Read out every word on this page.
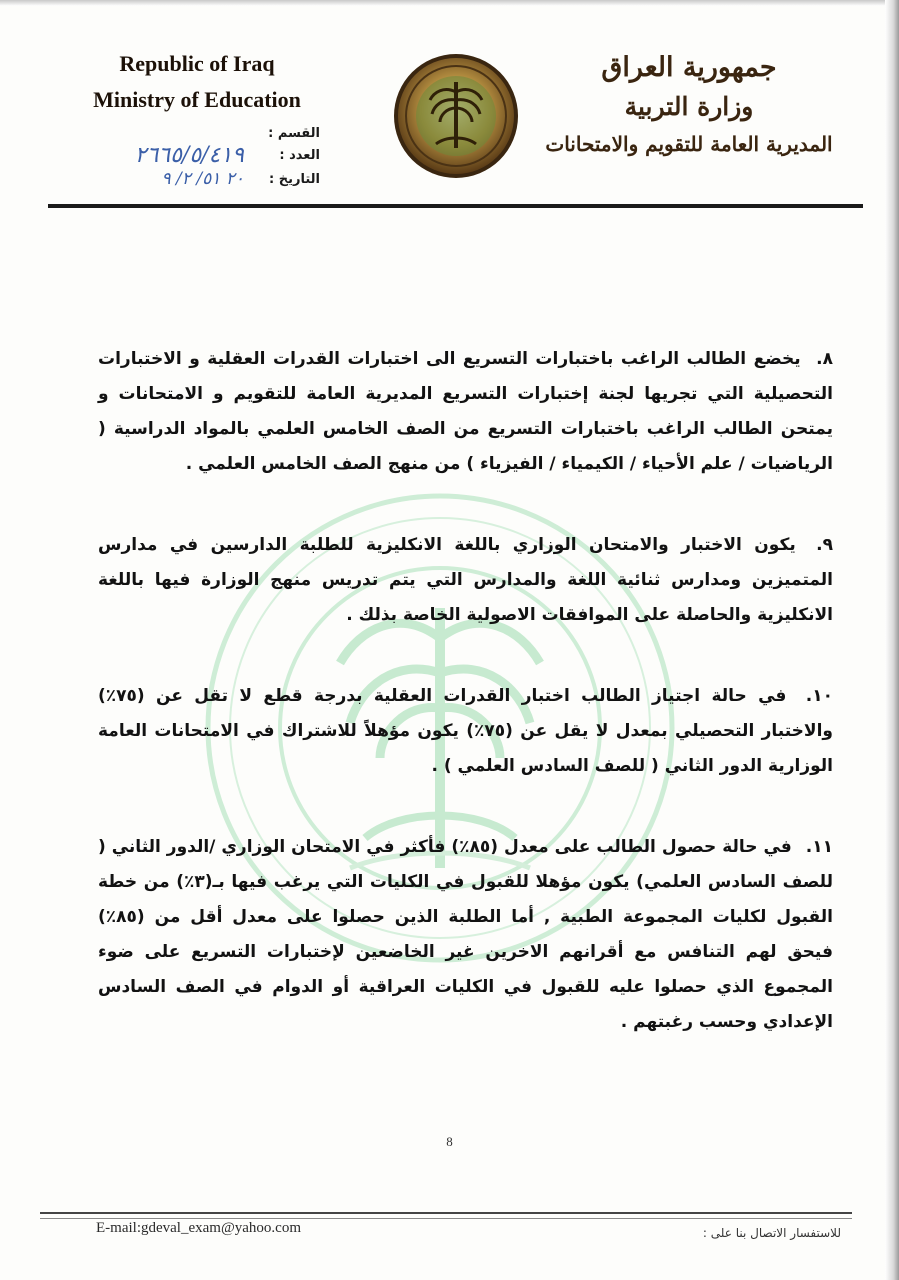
Republic of Iraq
Ministry of Education
جمهورية العراق
وزارة التربية
المديرية العامة للتقويم والامتحانات
القسم :
٢٦٦٥/٥/٤١٩	العدد :
٢٠ ٥١/ ٢/ ٩	التاريخ :

٨. يخضع الطالب الراغب باختبارات التسريع الى اختبارات القدرات العقلية و الاختبارات التحصيلية التي تجريها لجنة إختبارات التسريع المديرية العامة للتقويم و الامتحانات و يمتحن الطالب الراغب باختبارات التسريع من الصف الخامس العلمي بالمواد الدراسية ( الرياضيات / علم الأحياء / الكيمياء / الفيزياء ) من منهج الصف الخامس العلمي .

٩. يكون الاختبار والامتحان الوزاري باللغة الانكليزية للطلبة الدارسين في مدارس المتميزين ومدارس ثنائية اللغة والمدارس التي يتم تدريس منهج الوزارة فيها باللغة الانكليزية والحاصلة على الموافقات الاصولية الخاصة بذلك .

١٠. في حالة اجتياز الطالب اختبار القدرات العقلية بدرجة قطع لا تقل عن (٧٥٪) والاختبار التحصيلي بمعدل لا يقل عن (٧٥٪) يكون مؤهلاً للاشتراك في الامتحانات العامة الوزارية الدور الثاني ( للصف السادس العلمي ) .

١١. في حالة حصول الطالب على معدل (٨٥٪) فأكثر في الامتحان الوزاري /الدور الثاني ( للصف السادس العلمي) يكون مؤهلا للقبول في الكليات التي يرغب فيها بـ(٣٪) من خطة القبول لكليات المجموعة الطبية , أما الطلبة الذين حصلوا على معدل أقل من (٨٥٪) فيحق لهم التنافس مع أقرانهم الاخرين غير الخاضعين لإختبارات التسريع على ضوء المجموع الذي حصلوا عليه للقبول في الكليات العراقية أو الدوام في الصف السادس الإعدادي وحسب رغبتهم .

8
E-mail:gdeval_exam@yahoo.com	للاستفسار الاتصال بنا على :
